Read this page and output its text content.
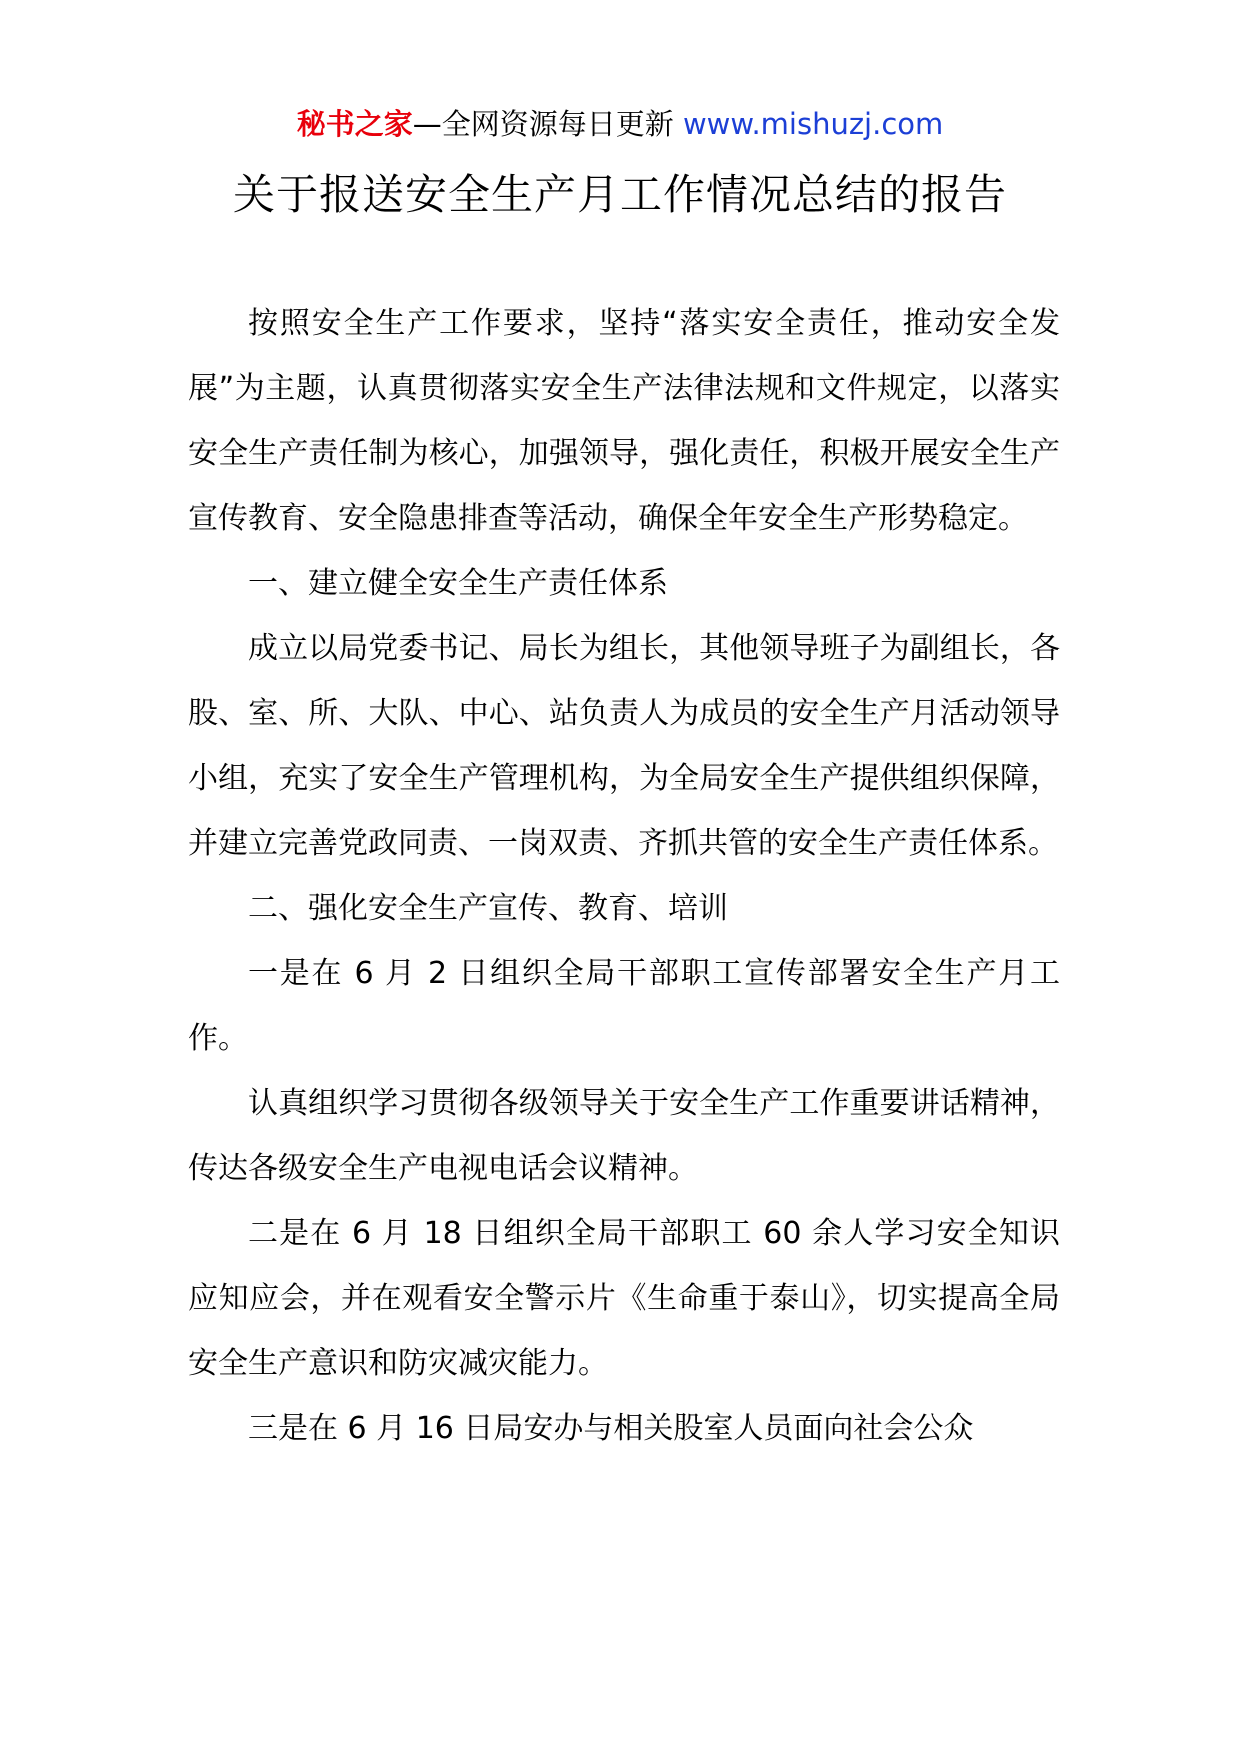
秘书之家—全网资源每日更新 www.mishuzj.com
关于报送安全生产月工作情况总结的报告

按照安全生产工作要求，坚持“落实安全责任，推动安全发展”为主题，认真贯彻落实安全生产法律法规和文件规定，以落实安全生产责任制为核心，加强领导，强化责任，积极开展安全生产宣传教育、安全隐患排查等活动，确保全年安全生产形势稳定。

一、建立健全安全生产责任体系

成立以局党委书记、局长为组长，其他领导班子为副组长，各股、室、所、大队、中心、站负责人为成员的安全生产月活动领导小组，充实了安全生产管理机构，为全局安全生产提供组织保障，并建立完善党政同责、一岗双责、齐抓共管的安全生产责任体系。

二、强化安全生产宣传、教育、培训

一是在 6 月 2 日组织全局干部职工宣传部署安全生产月工作。

认真组织学习贯彻各级领导关于安全生产工作重要讲话精神，传达各级安全生产电视电话会议精神。

二是在 6 月 18 日组织全局干部职工 60 余人学习安全知识应知应会，并在观看安全警示片《生命重于泰山》，切实提高全局安全生产意识和防灾减灾能力。

三是在 6 月 16 日局安办与相关股室人员面向社会公众
